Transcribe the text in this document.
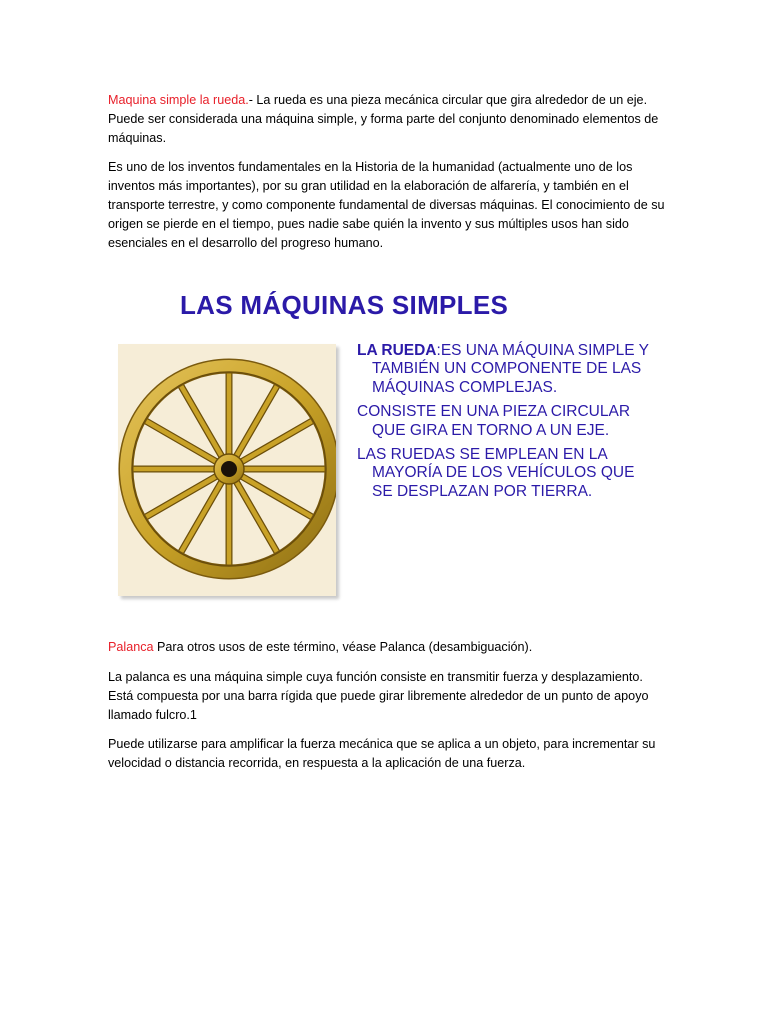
Maquina simple la rueda.- La rueda es una pieza mecánica circular que gira alrededor de un eje. Puede ser considerada una máquina simple, y forma parte del conjunto denominado elementos de máquinas.

Es uno de los inventos fundamentales en la Historia de la humanidad (actualmente uno de los inventos más importantes), por su gran utilidad en la elaboración de alfarería, y también en el transporte terrestre, y como componente fundamental de diversas máquinas. El conocimiento de su origen se pierde en el tiempo, pues nadie sabe quién la invento y sus múltiples usos han sido esenciales en el desarrollo del progreso humano.

LAS MÁQUINAS SIMPLES

LA RUEDA:ES UNA MÁQUINA SIMPLE Y TAMBIÉN UN COMPONENTE DE LAS MÁQUINAS COMPLEJAS.

CONSISTE EN UNA PIEZA CIRCULAR QUE GIRA EN TORNO A UN EJE.

LAS RUEDAS SE EMPLEAN EN LA MAYORÍA DE LOS VEHÍCULOS QUE SE DESPLAZAN POR TIERRA.

Palanca Para otros usos de este término, véase Palanca (desambiguación).

La palanca es una máquina simple cuya función consiste en transmitir fuerza y desplazamiento. Está compuesta por una barra rígida que puede girar libremente alrededor de un punto de apoyo llamado fulcro.1

Puede utilizarse para amplificar la fuerza mecánica que se aplica a un objeto, para incrementar su velocidad o distancia recorrida, en respuesta a la aplicación de una fuerza.
